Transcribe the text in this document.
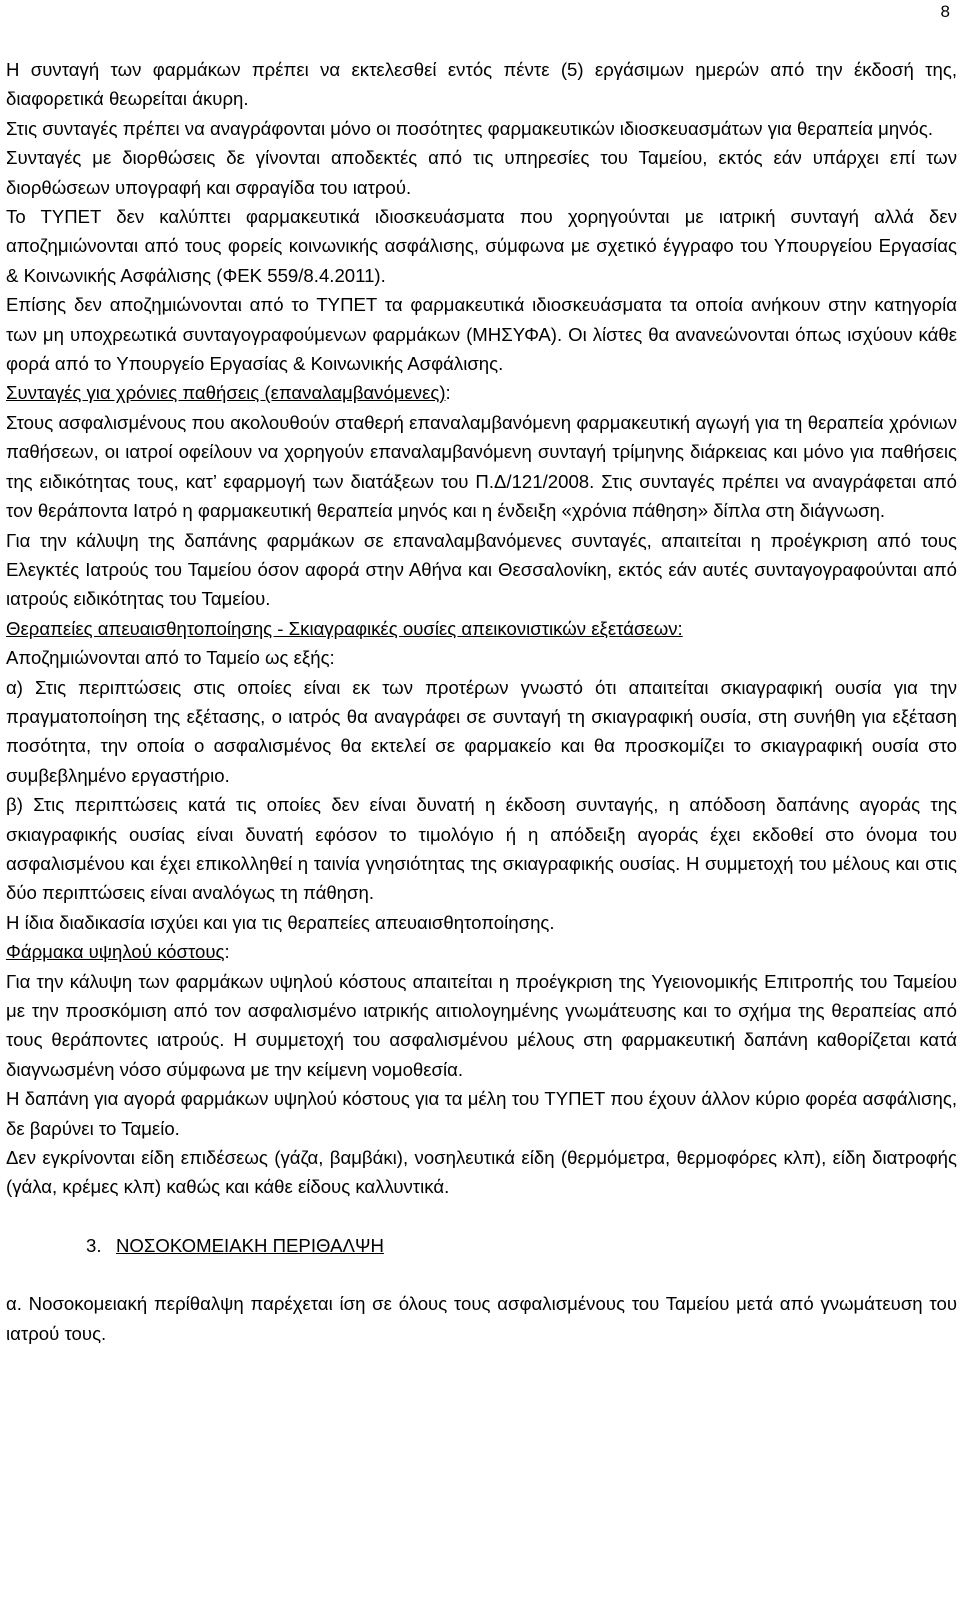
8

Η συνταγή των φαρμάκων πρέπει να εκτελεσθεί εντός πέντε (5) εργάσιμων ημερών από την έκδοσή της, διαφορετικά θεωρείται άκυρη.

Στις συνταγές πρέπει να αναγράφονται μόνο οι ποσότητες φαρμακευτικών ιδιοσκευασμάτων για θεραπεία μηνός.

Συνταγές με διορθώσεις δε γίνονται αποδεκτές από τις υπηρεσίες του Ταμείου, εκτός εάν υπάρχει επί των διορθώσεων υπογραφή και σφραγίδα του ιατρού.

Το ΤΥΠΕΤ δεν καλύπτει φαρμακευτικά ιδιοσκευάσματα που χορηγούνται με ιατρική συνταγή αλλά δεν αποζημιώνονται από τους φορείς κοινωνικής ασφάλισης, σύμφωνα με σχετικό έγγραφο του Υπουργείου Εργασίας & Κοινωνικής Ασφάλισης (ΦΕΚ 559/8.4.2011).

Επίσης δεν αποζημιώνονται από το ΤΥΠΕΤ τα φαρμακευτικά ιδιοσκευάσματα τα οποία ανήκουν στην κατηγορία των μη υποχρεωτικά συνταγογραφούμενων φαρμάκων (ΜΗΣΥΦΑ). Οι λίστες θα ανανεώνονται όπως ισχύουν κάθε φορά από το Υπουργείο Εργασίας & Κοινωνικής Ασφάλισης.

Συνταγές για χρόνιες παθήσεις (επαναλαμβανόμενες):

Στους ασφαλισμένους που ακολουθούν σταθερή επαναλαμβανόμενη φαρμακευτική αγωγή για τη θεραπεία χρόνιων παθήσεων, οι ιατροί οφείλουν να χορηγούν επαναλαμβανόμενη συνταγή τρίμηνης διάρκειας και μόνο για παθήσεις της ειδικότητας τους, κατ’ εφαρμογή των διατάξεων του Π.Δ/121/2008. Στις συνταγές πρέπει να αναγράφεται από τον θεράποντα Ιατρό η φαρμακευτική θεραπεία μηνός και η ένδειξη «χρόνια πάθηση» δίπλα στη διάγνωση.

Για την κάλυψη της δαπάνης φαρμάκων σε επαναλαμβανόμενες συνταγές, απαιτείται η προέγκριση από τους Ελεγκτές Ιατρούς του Ταμείου όσον αφορά στην Αθήνα και Θεσσαλονίκη, εκτός εάν αυτές συνταγογραφούνται από ιατρούς ειδικότητας του Ταμείου.

Θεραπείες απευαισθητοποίησης - Σκιαγραφικές ουσίες απεικονιστικών εξετάσεων:

Αποζημιώνονται από το Ταμείο ως εξής:

α) Στις περιπτώσεις στις οποίες είναι εκ των προτέρων γνωστό ότι απαιτείται σκιαγραφική ουσία για την πραγματοποίηση της εξέτασης, ο ιατρός θα αναγράφει σε συνταγή τη σκιαγραφική ουσία, στη συνήθη για εξέταση ποσότητα, την οποία ο ασφαλισμένος θα εκτελεί σε φαρμακείο και θα προσκομίζει το σκιαγραφική ουσία στο συμβεβλημένο εργαστήριο.

β) Στις περιπτώσεις κατά τις οποίες δεν είναι δυνατή η έκδοση συνταγής, η απόδοση δαπάνης αγοράς της σκιαγραφικής ουσίας είναι δυνατή εφόσον το τιμολόγιο ή η απόδειξη αγοράς έχει εκδοθεί στο όνομα του ασφαλισμένου και έχει επικολληθεί η ταινία γνησιότητας της σκιαγραφικής ουσίας. Η συμμετοχή του μέλους και στις δύο περιπτώσεις είναι αναλόγως τη πάθηση.

Η ίδια διαδικασία ισχύει και για τις θεραπείες απευαισθητοποίησης.

Φάρμακα υψηλού κόστους:

Για την κάλυψη των φαρμάκων υψηλού κόστους απαιτείται η προέγκριση της Υγειονομικής Επιτροπής του Ταμείου με την προσκόμιση από τον ασφαλισμένο ιατρικής αιτιολογημένης γνωμάτευσης και το σχήμα της θεραπείας από τους θεράποντες ιατρούς. Η συμμετοχή του ασφαλισμένου μέλους στη φαρμακευτική δαπάνη καθορίζεται κατά διαγνωσμένη νόσο σύμφωνα με την κείμενη νομοθεσία.

Η δαπάνη για αγορά φαρμάκων υψηλού κόστους για τα μέλη του ΤΥΠΕΤ που έχουν άλλον κύριο φορέα ασφάλισης, δε βαρύνει το Ταμείο.

Δεν εγκρίνονται είδη επιδέσεως (γάζα, βαμβάκι), νοσηλευτικά είδη (θερμόμετρα, θερμοφόρες κλπ), είδη διατροφής (γάλα, κρέμες κλπ) καθώς και κάθε είδους καλλυντικά.

3. ΝΟΣΟΚΟΜΕΙΑΚΗ ΠΕΡΙΘΑΛΨΗ

α. Νοσοκομειακή περίθαλψη παρέχεται ίση σε όλους τους ασφαλισμένους του Ταμείου μετά από γνωμάτευση του ιατρού τους.
